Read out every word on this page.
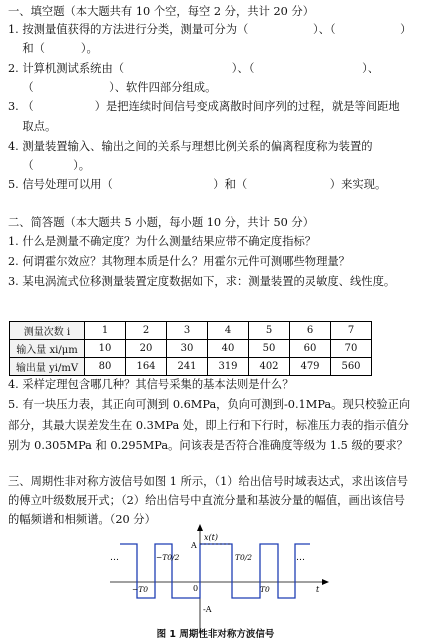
一、填空题（本大题共有 10 个空，每空 2 分，共计 20 分）
1. 按测量值获得的方法进行分类，测量可分为（                  ）、（                  ）
和（          ）。
2. 计算机测试系统由（                              ）、（                              ）、
（                     ）、软件四部分组成。
3. （                 ）是把连续时间信号变成离散时间序列的过程，就是等间距地
取点。
4. 测量装置输入、输出之间的关系与理想比例关系的偏离程度称为装置的
（           ）。
5. 信号处理可以用（                            ）和（                       ）来实现。
二、简答题（本大题共 5 小题，每小题 10 分，共计 50 分）
1. 什么是测量不确定度？为什么测量结果应带不确定度指标？
2. 何谓霍尔效应？其物理本质是什么？用霍尔元件可测哪些物理量？
3. 某电涡流式位移测量装置定度数据如下，求：测量装置的灵敏度、线性度。
测量次数 i	1	2	3	4	5	6	7
输入量 xi/μm	10	20	30	40	50	60	70
输出量 yi/mV	80	164	241	319	402	479	560
4. 采样定理包含哪几种？其信号采集的基本法则是什么？
5. 有一块压力表，其正向可测到 0.6MPa，负向可测到-0.1MPa。现只校验正向
部分，其最大误差发生在 0.3MPa 处，即上行和下行时，标准压力表的指示值分
别为 0.305MPa 和 0.295MPa。问该表是否符合准确度等级为 1.5 级的要求？
三、周期性非对称方波信号如图 1 所示，（1）给出信号时域表达式，求出该信号
的傅立叶级数展开式；（2）给出信号中直流分量和基波分量的幅值，画出该信号
的幅频谱和相频谱。（20 分）
x(t)
A
-A
0	t
−T0	T0
−T0/2	T0/2
…	…
图 1 周期性非对称方波信号
